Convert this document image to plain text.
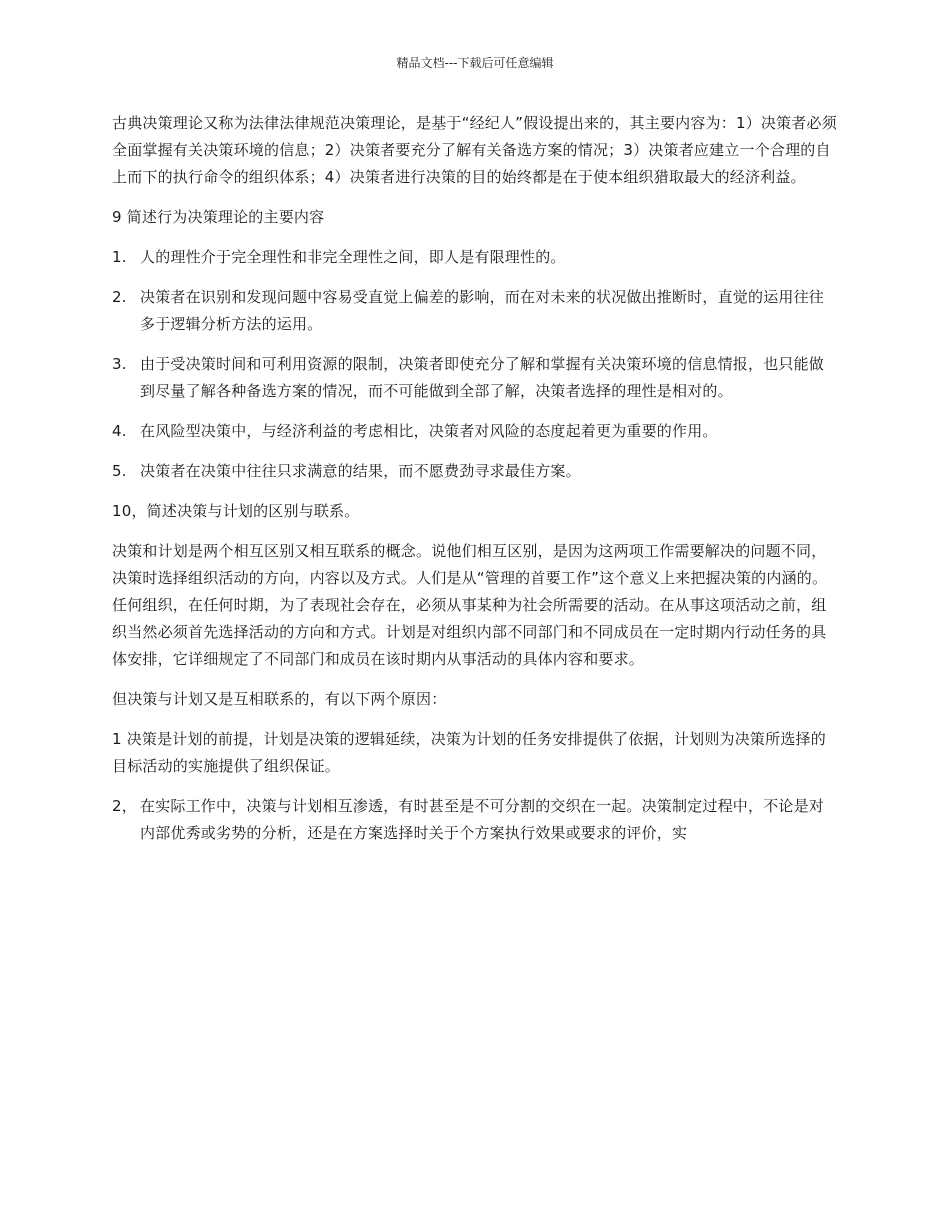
精品文档---下载后可任意编辑

古典决策理论又称为法律法律规范决策理论，是基于“经纪人”假设提出来的，其主要内容为：1）决策者必须全面掌握有关决策环境的信息；2）决策者要充分了解有关备选方案的情况；3）决策者应建立一个合理的自上而下的执行命令的组织体系；4）决策者进行决策的目的始终都是在于使本组织猎取最大的经济利益。

9 简述行为决策理论的主要内容

1. 人的理性介于完全理性和非完全理性之间，即人是有限理性的。
2. 决策者在识别和发现问题中容易受直觉上偏差的影响，而在对未来的状况做出推断时，直觉的运用往往多于逻辑分析方法的运用。
3. 由于受决策时间和可利用资源的限制，决策者即使充分了解和掌握有关决策环境的信息情报，也只能做到尽量了解各种备选方案的情况，而不可能做到全部了解，决策者选择的理性是相对的。
4. 在风险型决策中，与经济利益的考虑相比，决策者对风险的态度起着更为重要的作用。
5. 决策者在决策中往往只求满意的结果，而不愿费劲寻求最佳方案。

10，简述决策与计划的区别与联系。

决策和计划是两个相互区别又相互联系的概念。说他们相互区别，是因为这两项工作需要解决的问题不同，决策时选择组织活动的方向，内容以及方式。人们是从“管理的首要工作”这个意义上来把握决策的内涵的。任何组织，在任何时期，为了表现社会存在，必须从事某种为社会所需要的活动。在从事这项活动之前，组织当然必须首先选择活动的方向和方式。计划是对组织内部不同部门和不同成员在一定时期内行动任务的具体安排，它详细规定了不同部门和成员在该时期内从事活动的具体内容和要求。

但决策与计划又是互相联系的，有以下两个原因：

1 决策是计划的前提，计划是决策的逻辑延续，决策为计划的任务安排提供了依据，计划则为决策所选择的目标活动的实施提供了组织保证。

2， 在实际工作中，决策与计划相互渗透，有时甚至是不可分割的交织在一起。决策制定过程中，不论是对内部优秀或劣势的分析，还是在方案选择时关于个方案执行效果或要求的评价，实
